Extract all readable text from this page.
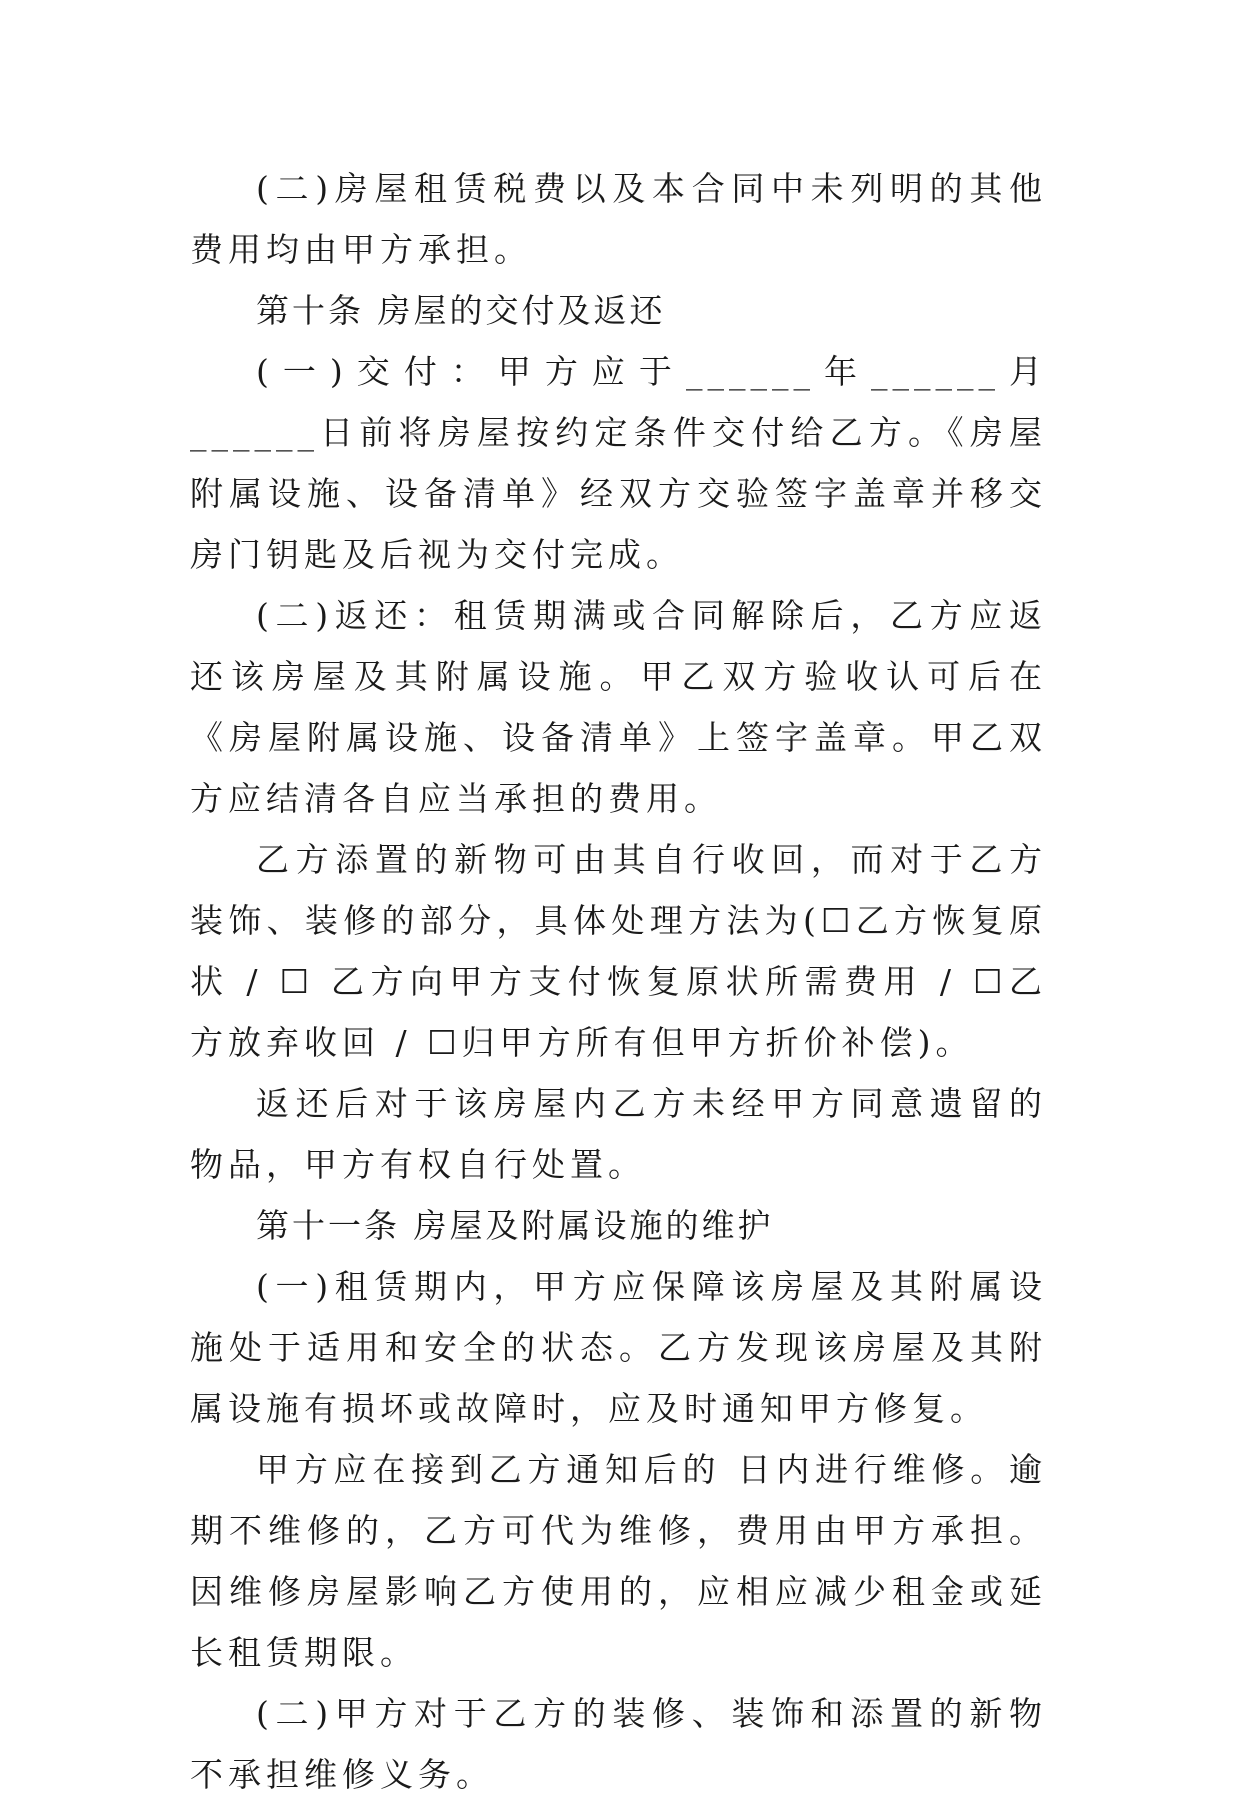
(二)房屋租赁税费以及本合同中未列明的其他费用均由甲方承担。

第十条 房屋的交付及返还

(一)交付：甲方应于______年______月______日前将房屋按约定条件交付给乙方。《房屋附属设施、设备清单》经双方交验签字盖章并移交房门钥匙及后视为交付完成。

(二)返还：租赁期满或合同解除后，乙方应返还该房屋及其附属设施。甲乙双方验收认可后在《房屋附属设施、设备清单》上签字盖章。甲乙双方应结清各自应当承担的费用。

乙方添置的新物可由其自行收回，而对于乙方装饰、装修的部分，具体处理方法为(☐乙方恢复原状 / ☐ 乙方向甲方支付恢复原状所需费用 / ☐乙方放弃收回 / ☐归甲方所有但甲方折价补偿)。

返还后对于该房屋内乙方未经甲方同意遗留的物品，甲方有权自行处置。

第十一条 房屋及附属设施的维护

(一)租赁期内，甲方应保障该房屋及其附属设施处于适用和安全的状态。乙方发现该房屋及其附属设施有损坏或故障时，应及时通知甲方修复。

甲方应在接到乙方通知后的 日内进行维修。逾期不维修的，乙方可代为维修，费用由甲方承担。因维修房屋影响乙方使用的，应相应减少租金或延长租赁期限。

(二)甲方对于乙方的装修、装饰和添置的新物不承担维修义务。
